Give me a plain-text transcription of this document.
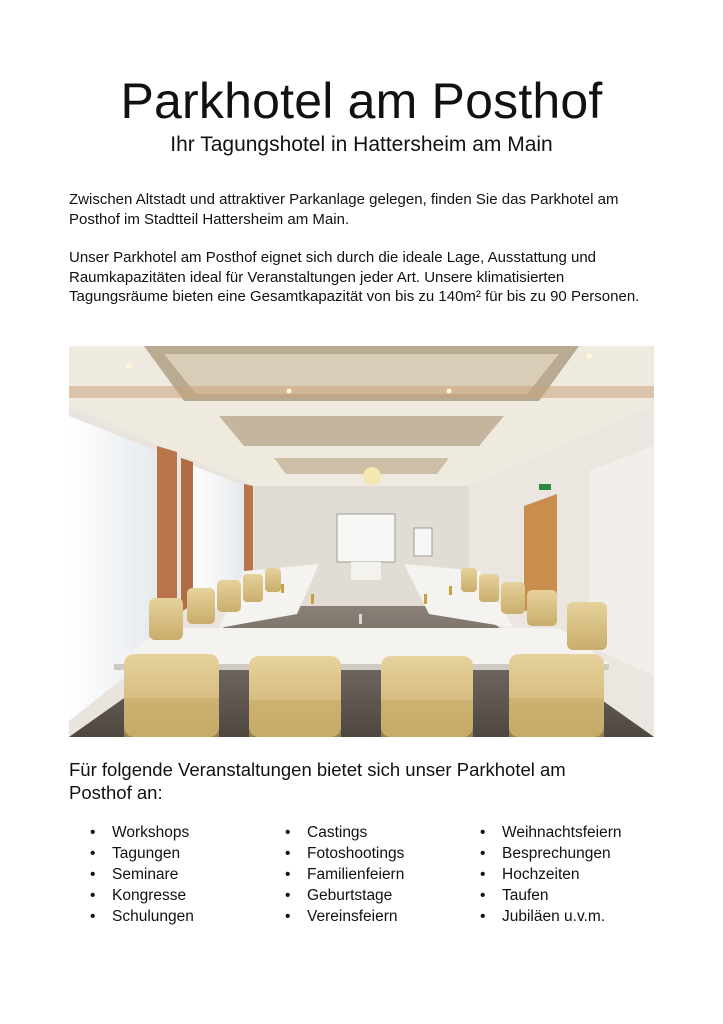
Parkhotel am Posthof
Ihr Tagungshotel in Hattersheim am Main

Zwischen Altstadt und attraktiver Parkanlage gelegen, finden Sie das Parkhotel am Posthof im Stadtteil Hattersheim am Main.

Unser Parkhotel am Posthof eignet sich durch die ideale Lage, Ausstattung und Raumkapazitäten ideal für Veranstaltungen jeder Art. Unsere klimatisierten Tagungsräume bieten eine Gesamtkapazität von bis zu 140m² für bis zu 90 Personen.

Für folgende Veranstaltungen bietet sich unser Parkhotel am Posthof an:

• Workshops
• Tagungen
• Seminare
• Kongresse
• Schulungen
• Castings
• Fotoshootings
• Familienfeiern
• Geburtstage
• Vereinsfeiern
• Weihnachtsfeiern
• Besprechungen
• Hochzeiten
• Taufen
• Jubiläen u.v.m.
